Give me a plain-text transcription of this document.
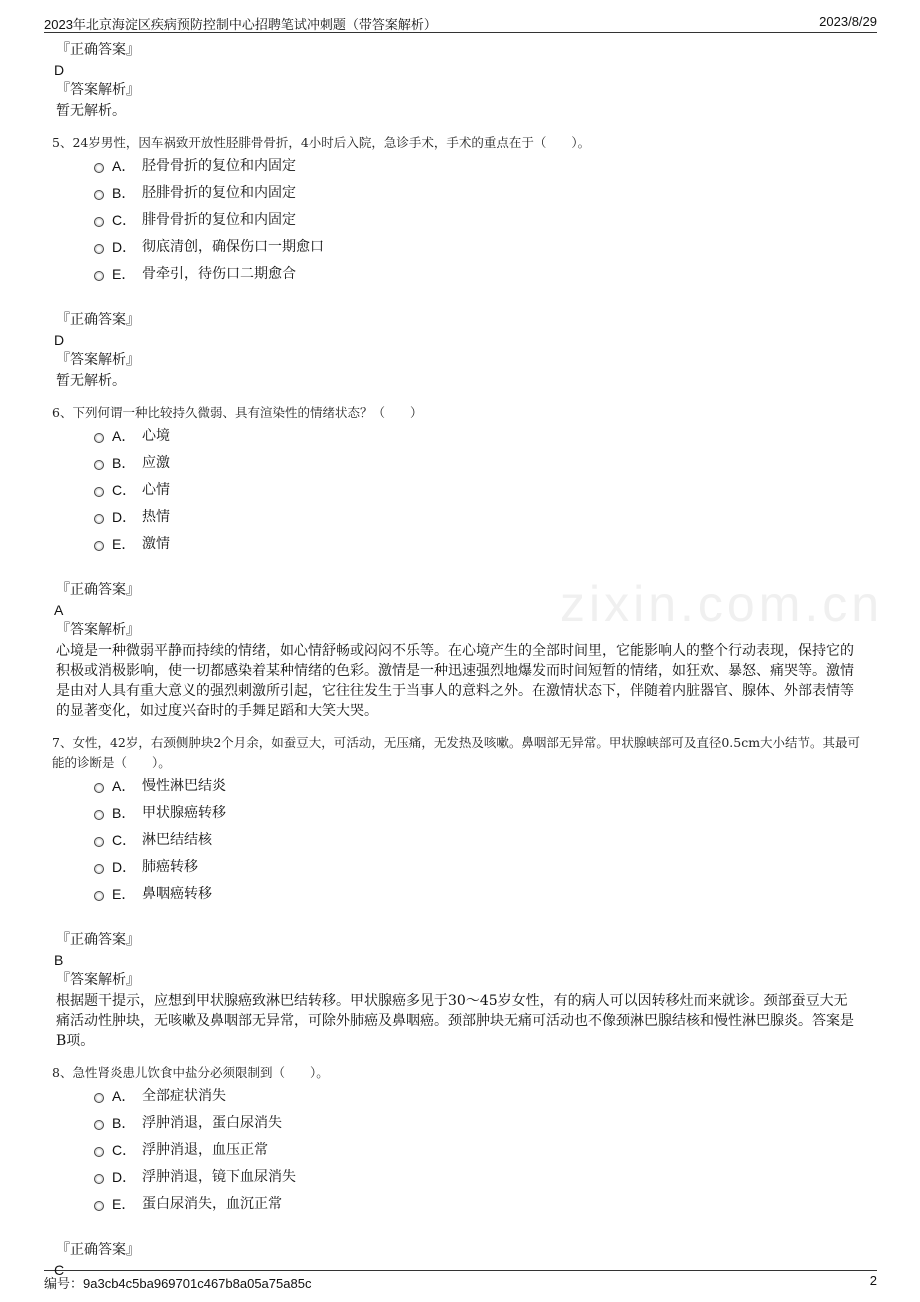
2023年北京海淀区疾病预防控制中心招聘笔试冲刺题（带答案解析）	2023/8/29
zixin.com.cn
『正确答案』
D
『答案解析』
暂无解析。
5、24岁男性，因车祸致开放性胫腓骨骨折，4小时后入院，急诊手术，手术的重点在于（　　）。
A． 胫骨骨折的复位和内固定
B． 胫腓骨折的复位和内固定
C． 腓骨骨折的复位和内固定
D． 彻底清创，确保伤口一期愈口
E． 骨牵引，待伤口二期愈合
『正确答案』
D
『答案解析』
暂无解析。
6、下列何谓一种比较持久微弱、具有渲染性的情绪状态？（　　）
A． 心境
B． 应激
C． 心情
D． 热情
E． 激情
『正确答案』
A
『答案解析』
心境是一种微弱平静而持续的情绪，如心情舒畅或闷闷不乐等。在心境产生的全部时间里，它能影响人的整个行动表现，保持它的积极或消极影响，使一切都感染着某种情绪的色彩。激情是一种迅速强烈地爆发而时间短暂的情绪，如狂欢、暴怒、痛哭等。激情是由对人具有重大意义的强烈刺激所引起，它往往发生于当事人的意料之外。在激情状态下，伴随着内脏器官、腺体、外部表情等的显著变化，如过度兴奋时的手舞足蹈和大笑大哭。
7、女性，42岁，右颈侧肿块2个月余，如蚕豆大，可活动，无压痛，无发热及咳嗽。鼻咽部无异常。甲状腺峡部可及直径0.5cm大小结节。其最可能的诊断是（　　）。
A． 慢性淋巴结炎
B． 甲状腺癌转移
C． 淋巴结结核
D． 肺癌转移
E． 鼻咽癌转移
『正确答案』
B
『答案解析』
根据题干提示，应想到甲状腺癌致淋巴结转移。甲状腺癌多见于30～45岁女性，有的病人可以因转移灶而来就诊。颈部蚕豆大无痛活动性肿块，无咳嗽及鼻咽部无异常，可除外肺癌及鼻咽癌。颈部肿块无痛可活动也不像颈淋巴腺结核和慢性淋巴腺炎。答案是B项。
8、急性肾炎患儿饮食中盐分必须限制到（　　）。
A． 全部症状消失
B． 浮肿消退，蛋白尿消失
C． 浮肿消退，血压正常
D． 浮肿消退，镜下血尿消失
E． 蛋白尿消失，血沉正常
『正确答案』
C
编号：9a3cb4c5ba969701c467b8a05a75a85c	2
